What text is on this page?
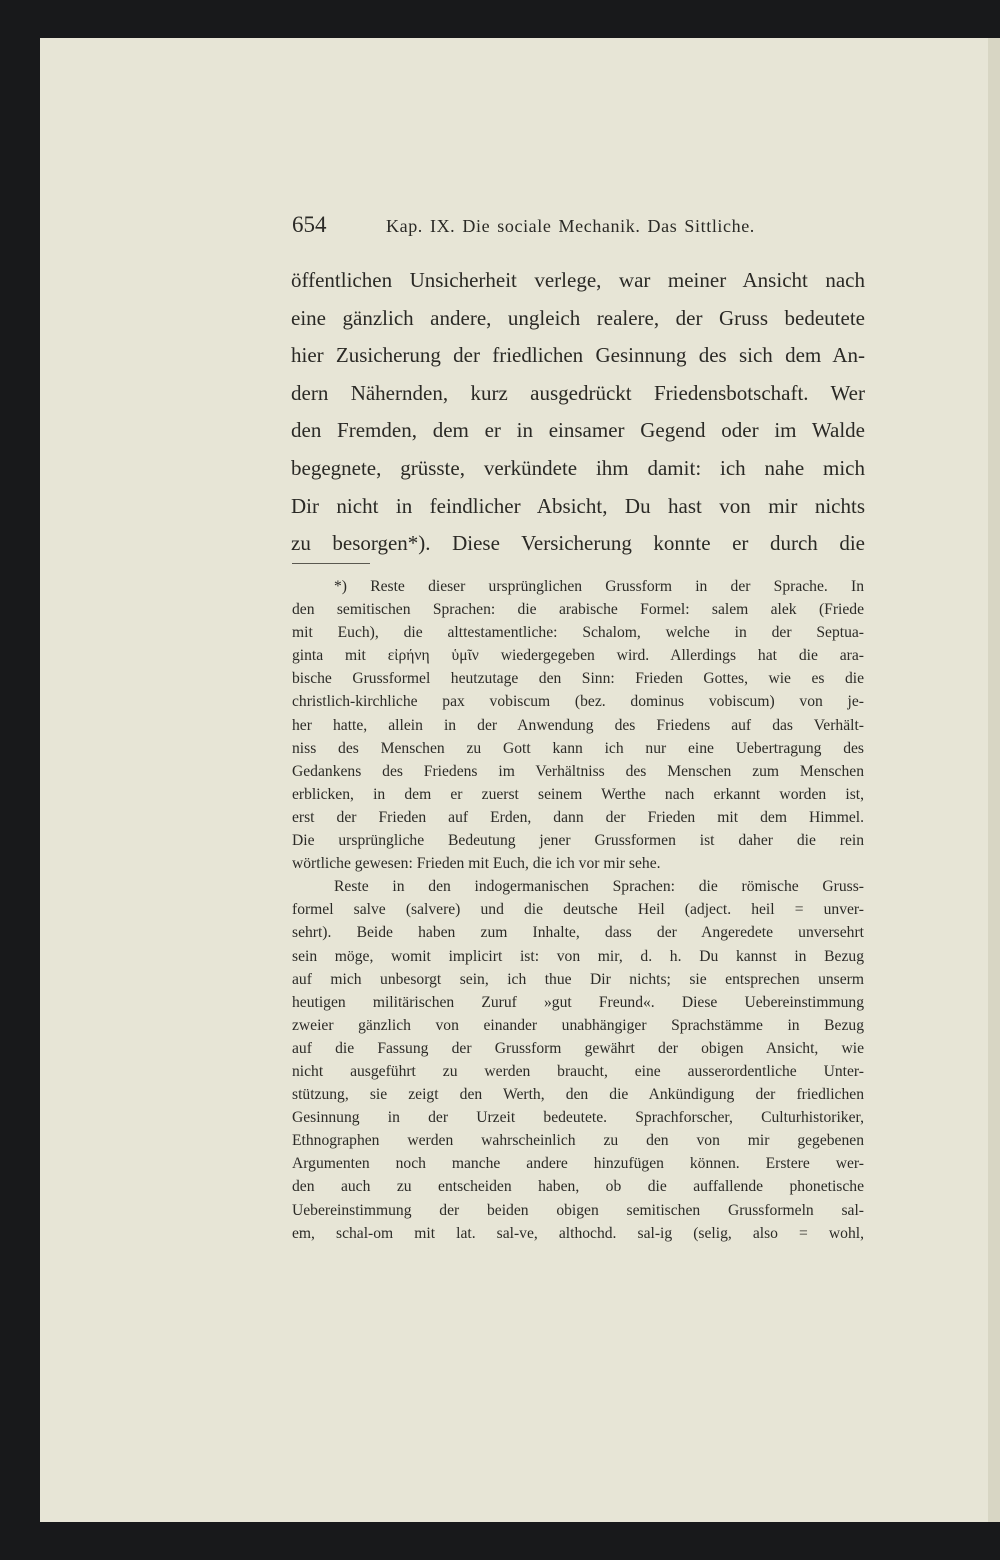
654	Kap. IX. Die sociale Mechanik. Das Sittliche.
öffentlichen Unsicherheit verlege, war meiner Ansicht nach
eine gänzlich andere, ungleich realere, der Gruss bedeutete
hier Zusicherung der friedlichen Gesinnung des sich dem An-
dern Nähernden, kurz ausgedrückt Friedensbotschaft. Wer
den Fremden, dem er in einsamer Gegend oder im Walde
begegnete, grüsste, verkündete ihm damit: ich nahe mich
Dir nicht in feindlicher Absicht, Du hast von mir nichts
zu besorgen*). Diese Versicherung konnte er durch die
*) Reste dieser ursprünglichen Grussform in der Sprache. In
den semitischen Sprachen: die arabische Formel: salem alek (Friede
mit Euch), die alttestamentliche: Schalom, welche in der Septua-
ginta mit εἰρήνη ὑμῖν wiedergegeben wird. Allerdings hat die ara-
bische Grussformel heutzutage den Sinn: Frieden Gottes, wie es die
christlich-kirchliche pax vobiscum (bez. dominus vobiscum) von je-
her hatte, allein in der Anwendung des Friedens auf das Verhält-
niss des Menschen zu Gott kann ich nur eine Uebertragung des
Gedankens des Friedens im Verhältniss des Menschen zum Menschen
erblicken, in dem er zuerst seinem Werthe nach erkannt worden ist,
erst der Frieden auf Erden, dann der Frieden mit dem Himmel.
Die ursprüngliche Bedeutung jener Grussformen ist daher die rein
wörtliche gewesen: Frieden mit Euch, die ich vor mir sehe.
Reste in den indogermanischen Sprachen: die römische Gruss-
formel salve (salvere) und die deutsche Heil (adject. heil = unver-
sehrt). Beide haben zum Inhalte, dass der Angeredete unversehrt
sein möge, womit implicirt ist: von mir, d. h. Du kannst in Bezug
auf mich unbesorgt sein, ich thue Dir nichts; sie entsprechen unserm
heutigen militärischen Zuruf »gut Freund«. Diese Uebereinstimmung
zweier gänzlich von einander unabhängiger Sprachstämme in Bezug
auf die Fassung der Grussform gewährt der obigen Ansicht, wie
nicht ausgeführt zu werden braucht, eine ausserordentliche Unter-
stützung, sie zeigt den Werth, den die Ankündigung der friedlichen
Gesinnung in der Urzeit bedeutete. Sprachforscher, Culturhistoriker,
Ethnographen werden wahrscheinlich zu den von mir gegebenen
Argumenten noch manche andere hinzufügen können. Erstere wer-
den auch zu entscheiden haben, ob die auffallende phonetische
Uebereinstimmung der beiden obigen semitischen Grussformeln sal-
em, schal-om mit lat. sal-ve, althochd. sal-ig (selig, also = wohl,
